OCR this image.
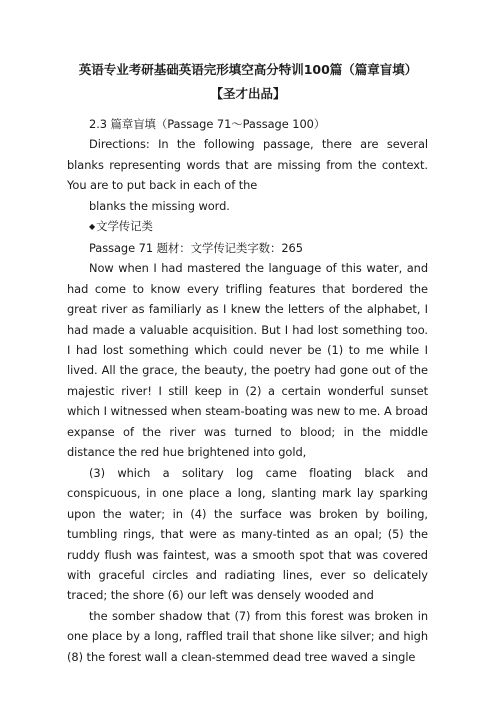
英语专业考研基础英语完形填空高分特训100篇（篇章盲填）
【圣才出品】

2.3 篇章盲填（Passage 71～Passage 100）

Directions: In the following passage, there are several blanks representing words that are missing from the context. You are to put back in each of the

blanks the missing word.

◆文学传记类

Passage 71 题材：文学传记类字数：265

Now when I had mastered the language of this water, and had come to know every trifling features that bordered the great river as familiarly as I knew the letters of the alphabet, I had made a valuable acquisition. But I had lost something too. I had lost something which could never be (1) to me while I lived. All the grace, the beauty, the poetry had gone out of the majestic river! I still keep in (2) a certain wonderful sunset which I witnessed when steam-boating was new to me. A broad expanse of the river was turned to blood; in the middle distance the red hue brightened into gold,

(3) which a solitary log came floating black and conspicuous, in one place a long, slanting mark lay sparking upon the water; in (4) the surface was broken by boiling, tumbling rings, that were as many-tinted as an opal; (5) the ruddy flush was faintest, was a smooth spot that was covered with graceful circles and radiating lines, ever so delicately traced; the shore (6) our left was densely wooded and

the somber shadow that (7) from this forest was broken in one place by a long, raffled trail that shone like silver; and high (8) the forest wall a clean-stemmed dead tree waved a single
